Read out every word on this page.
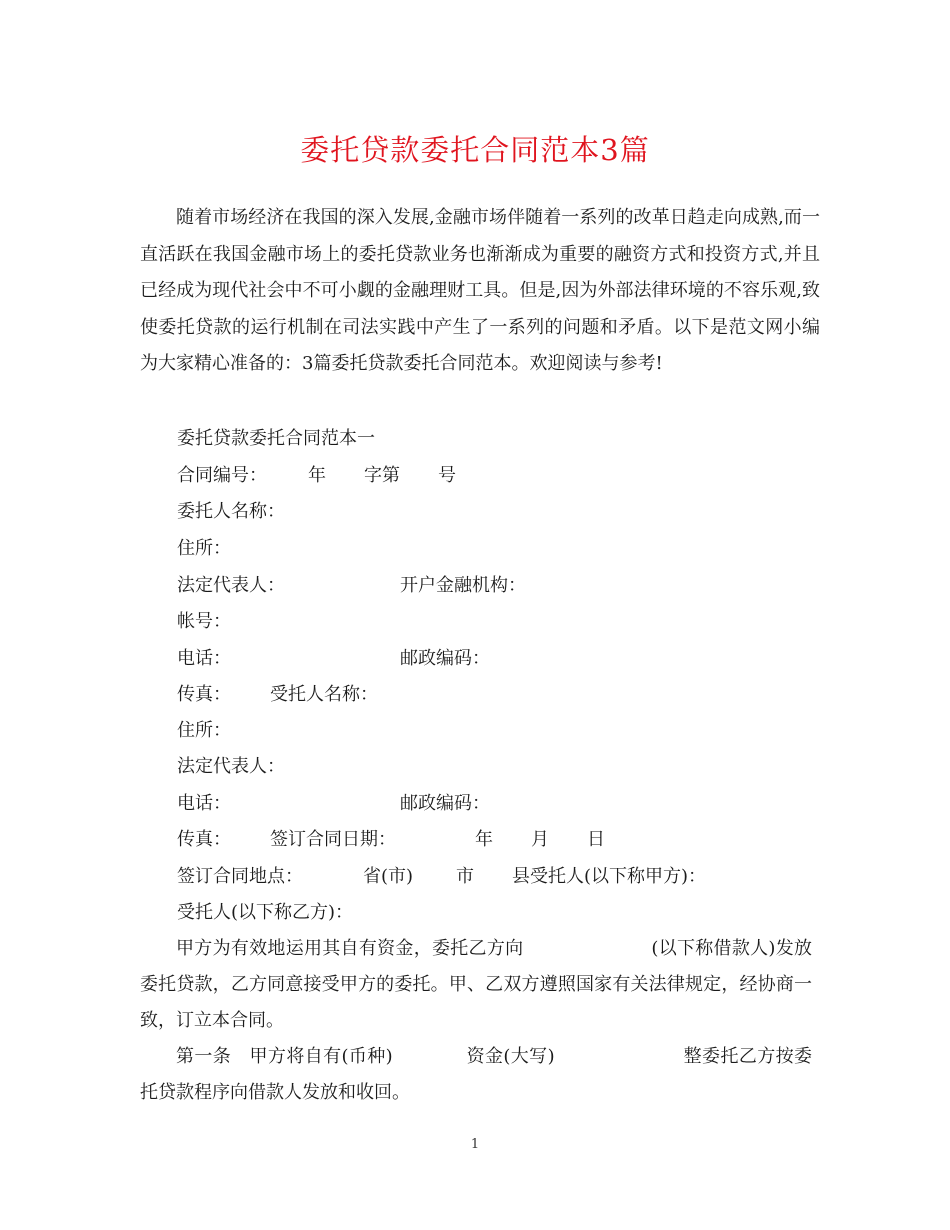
委托贷款委托合同范本3篇

随着市场经济在我国的深入发展,金融市场伴随着一系列的改革日趋走向成熟,而一直活跃在我国金融市场上的委托贷款业务也渐渐成为重要的融资方式和投资方式,并且已经成为现代社会中不可小觑的金融理财工具。但是,因为外部法律环境的不容乐观,致使委托贷款的运行机制在司法实践中产生了一系列的问题和矛盾。以下是范文网小编为大家精心准备的：3篇委托贷款委托合同范本。欢迎阅读与参考!

委托贷款委托合同范本一

合同编号： 年 字第 号

委托人名称：

住所：

法定代表人：	开户金融机构：

帐号：

电话：	邮政编码：
传真： 受托人名称：

住所：

法定代表人：

电话：	邮政编码：
传真： 签订合同日期：	年 月 日
签订合同地点：	省(市) 市 县受托人(以下称甲方)：

受托人(以下称乙方)：

甲方为有效地运用其自有资金，委托乙方向　　　　　　　(以下称借款人)发放委托贷款，乙方同意接受甲方的委托。甲、乙双方遵照国家有关法律规定，经协商一致，订立本合同。

第一条　甲方将自有(币种)　　　　资金(大写)　　　　　　　整委托乙方按委托贷款程序向借款人发放和收回。

1
